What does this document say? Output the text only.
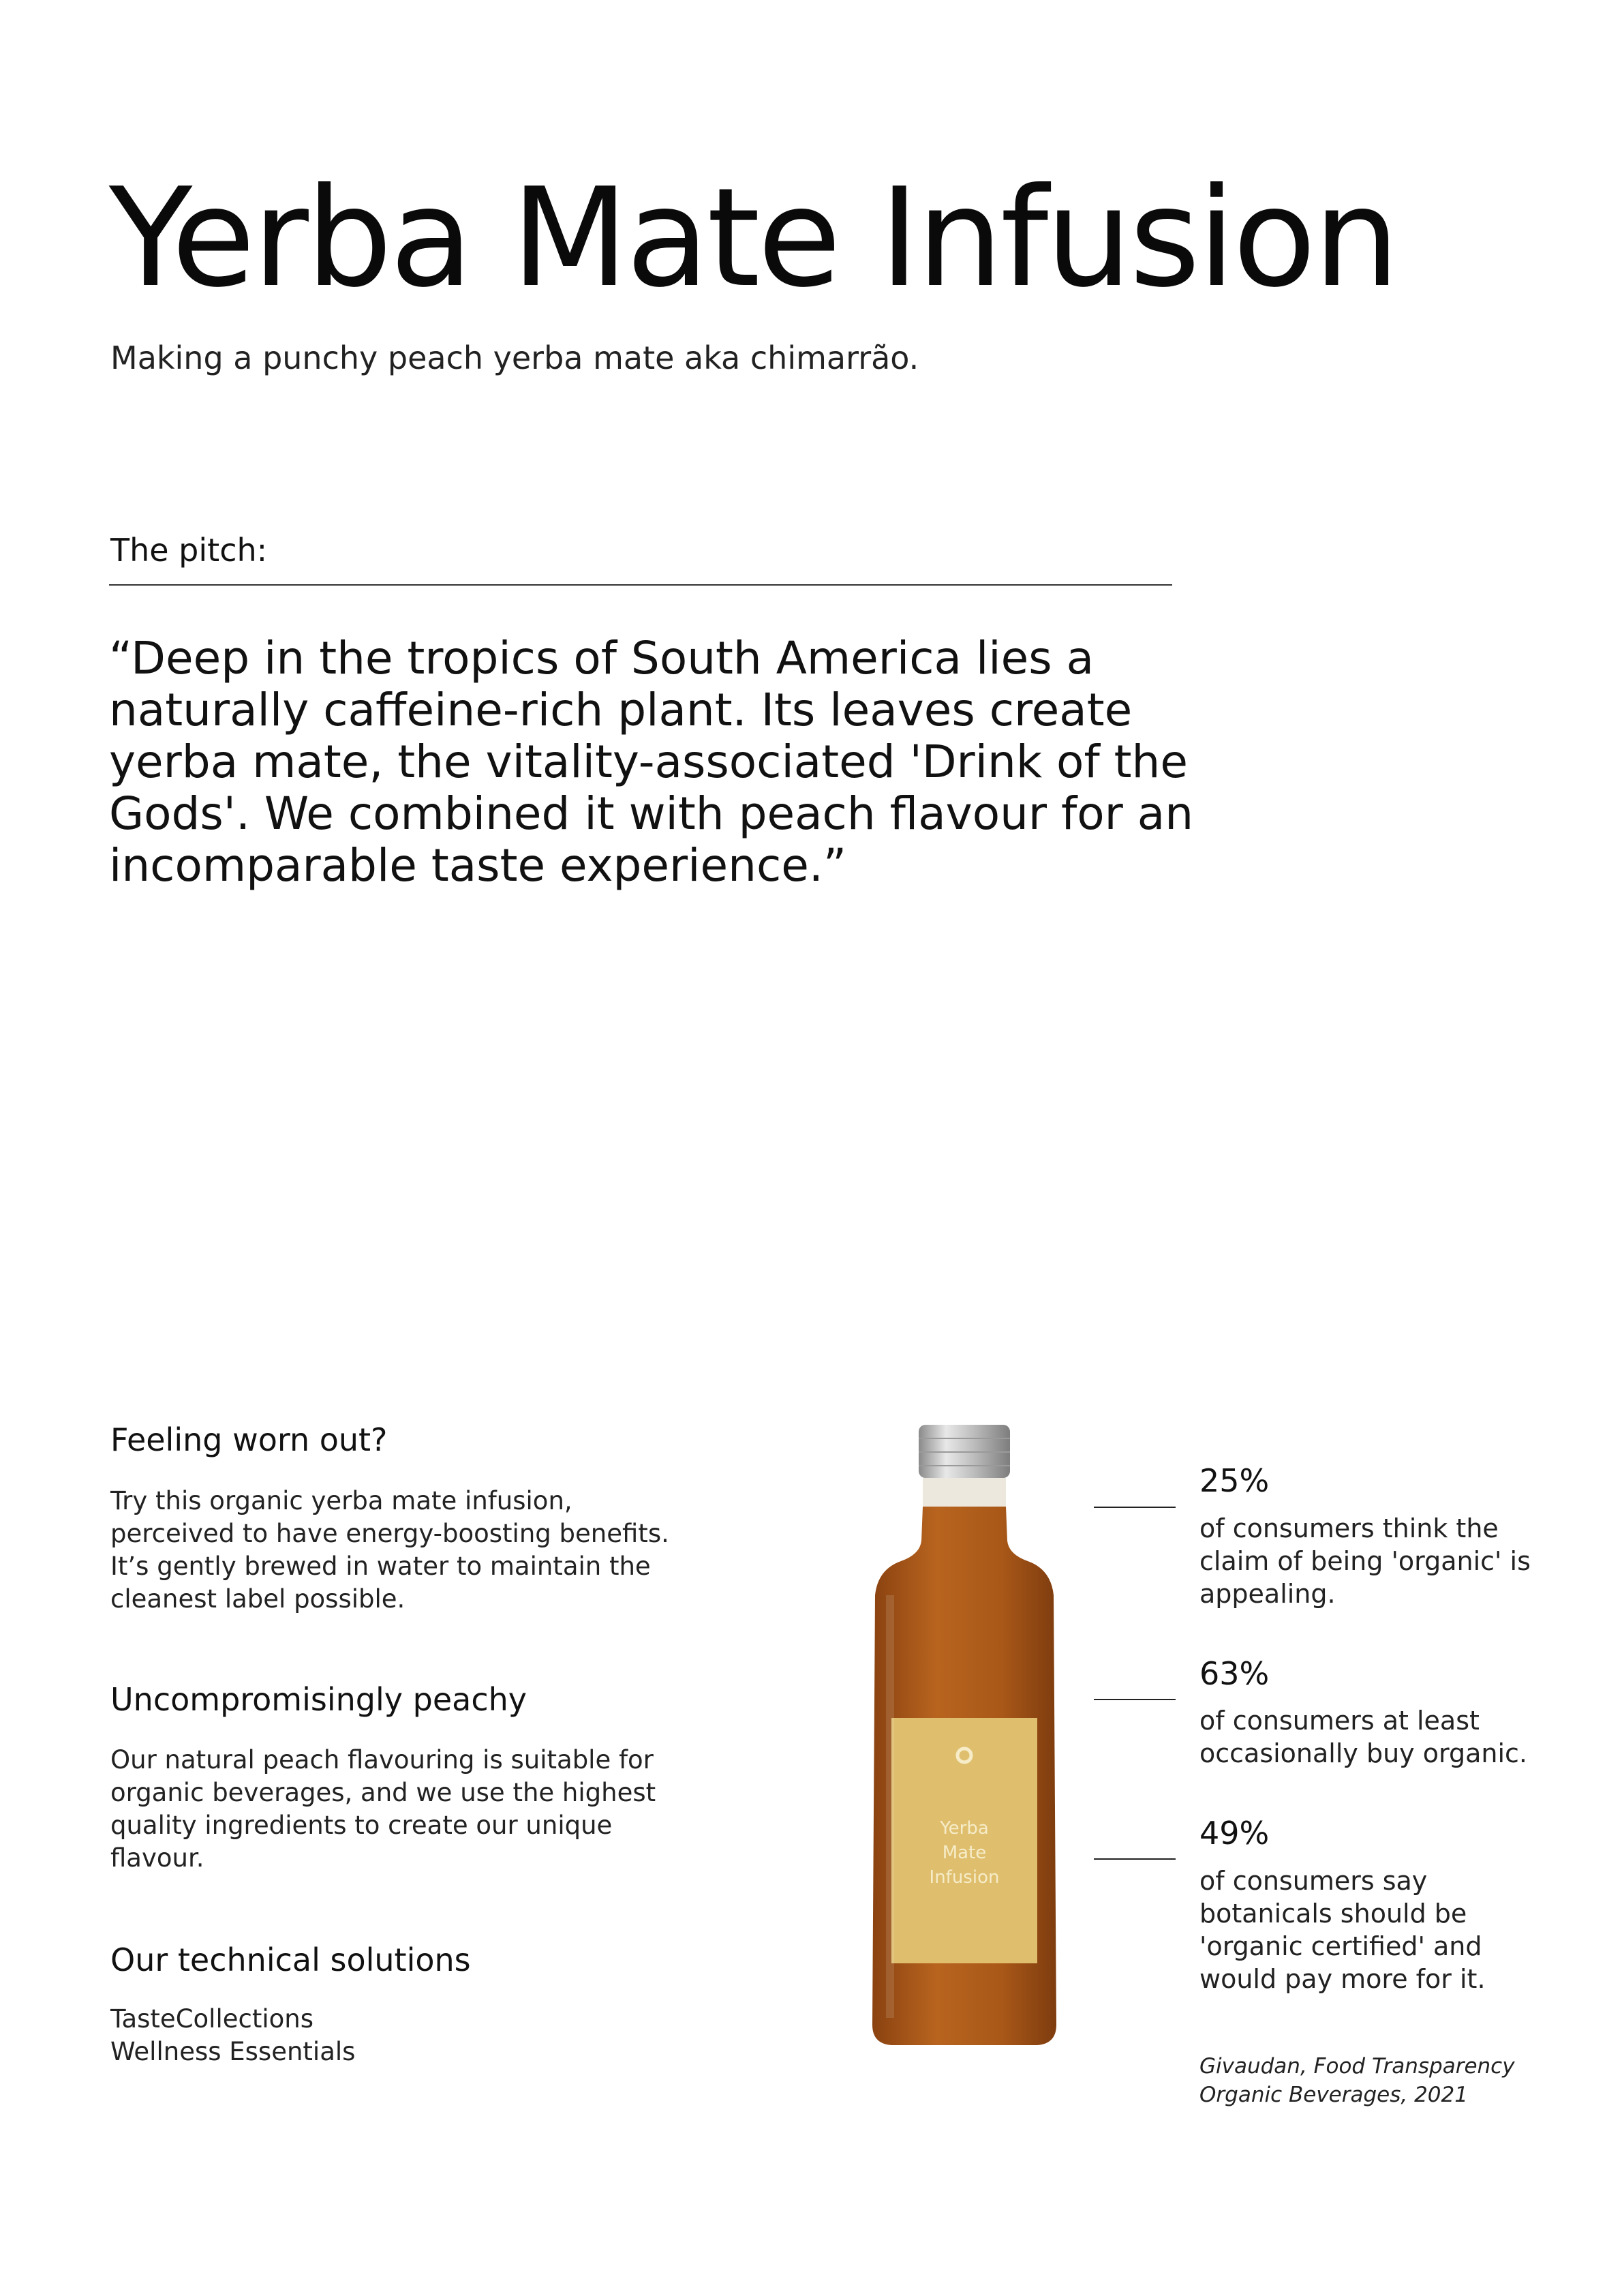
Yerba Mate Infusion
Making a punchy peach yerba mate aka chimarrão.
The pitch:
“Deep in the tropics of South America lies a naturally caffeine-rich plant. Its leaves create yerba mate, the vitality-associated 'Drink of the Gods'. We combined it with peach flavour for an incomparable taste experience.”
Feeling worn out?
Try this organic yerba mate infusion, perceived to have energy-boosting benefits. It’s gently brewed in water to maintain the cleanest label possible.
Uncompromisingly peachy
Our natural peach flavouring is suitable for organic beverages, and we use the highest quality ingredients to create our unique flavour.
Our technical solutions
TasteCollections
Wellness Essentials
Yerba
Mate
Infusion
25%
of consumers think the claim of being 'organic' is appealing.
63%
of consumers at least occasionally buy organic.
49%
of consumers say botanicals should be 'organic certified' and would pay more for it.
Givaudan, Food Transparency
Organic Beverages, 2021
